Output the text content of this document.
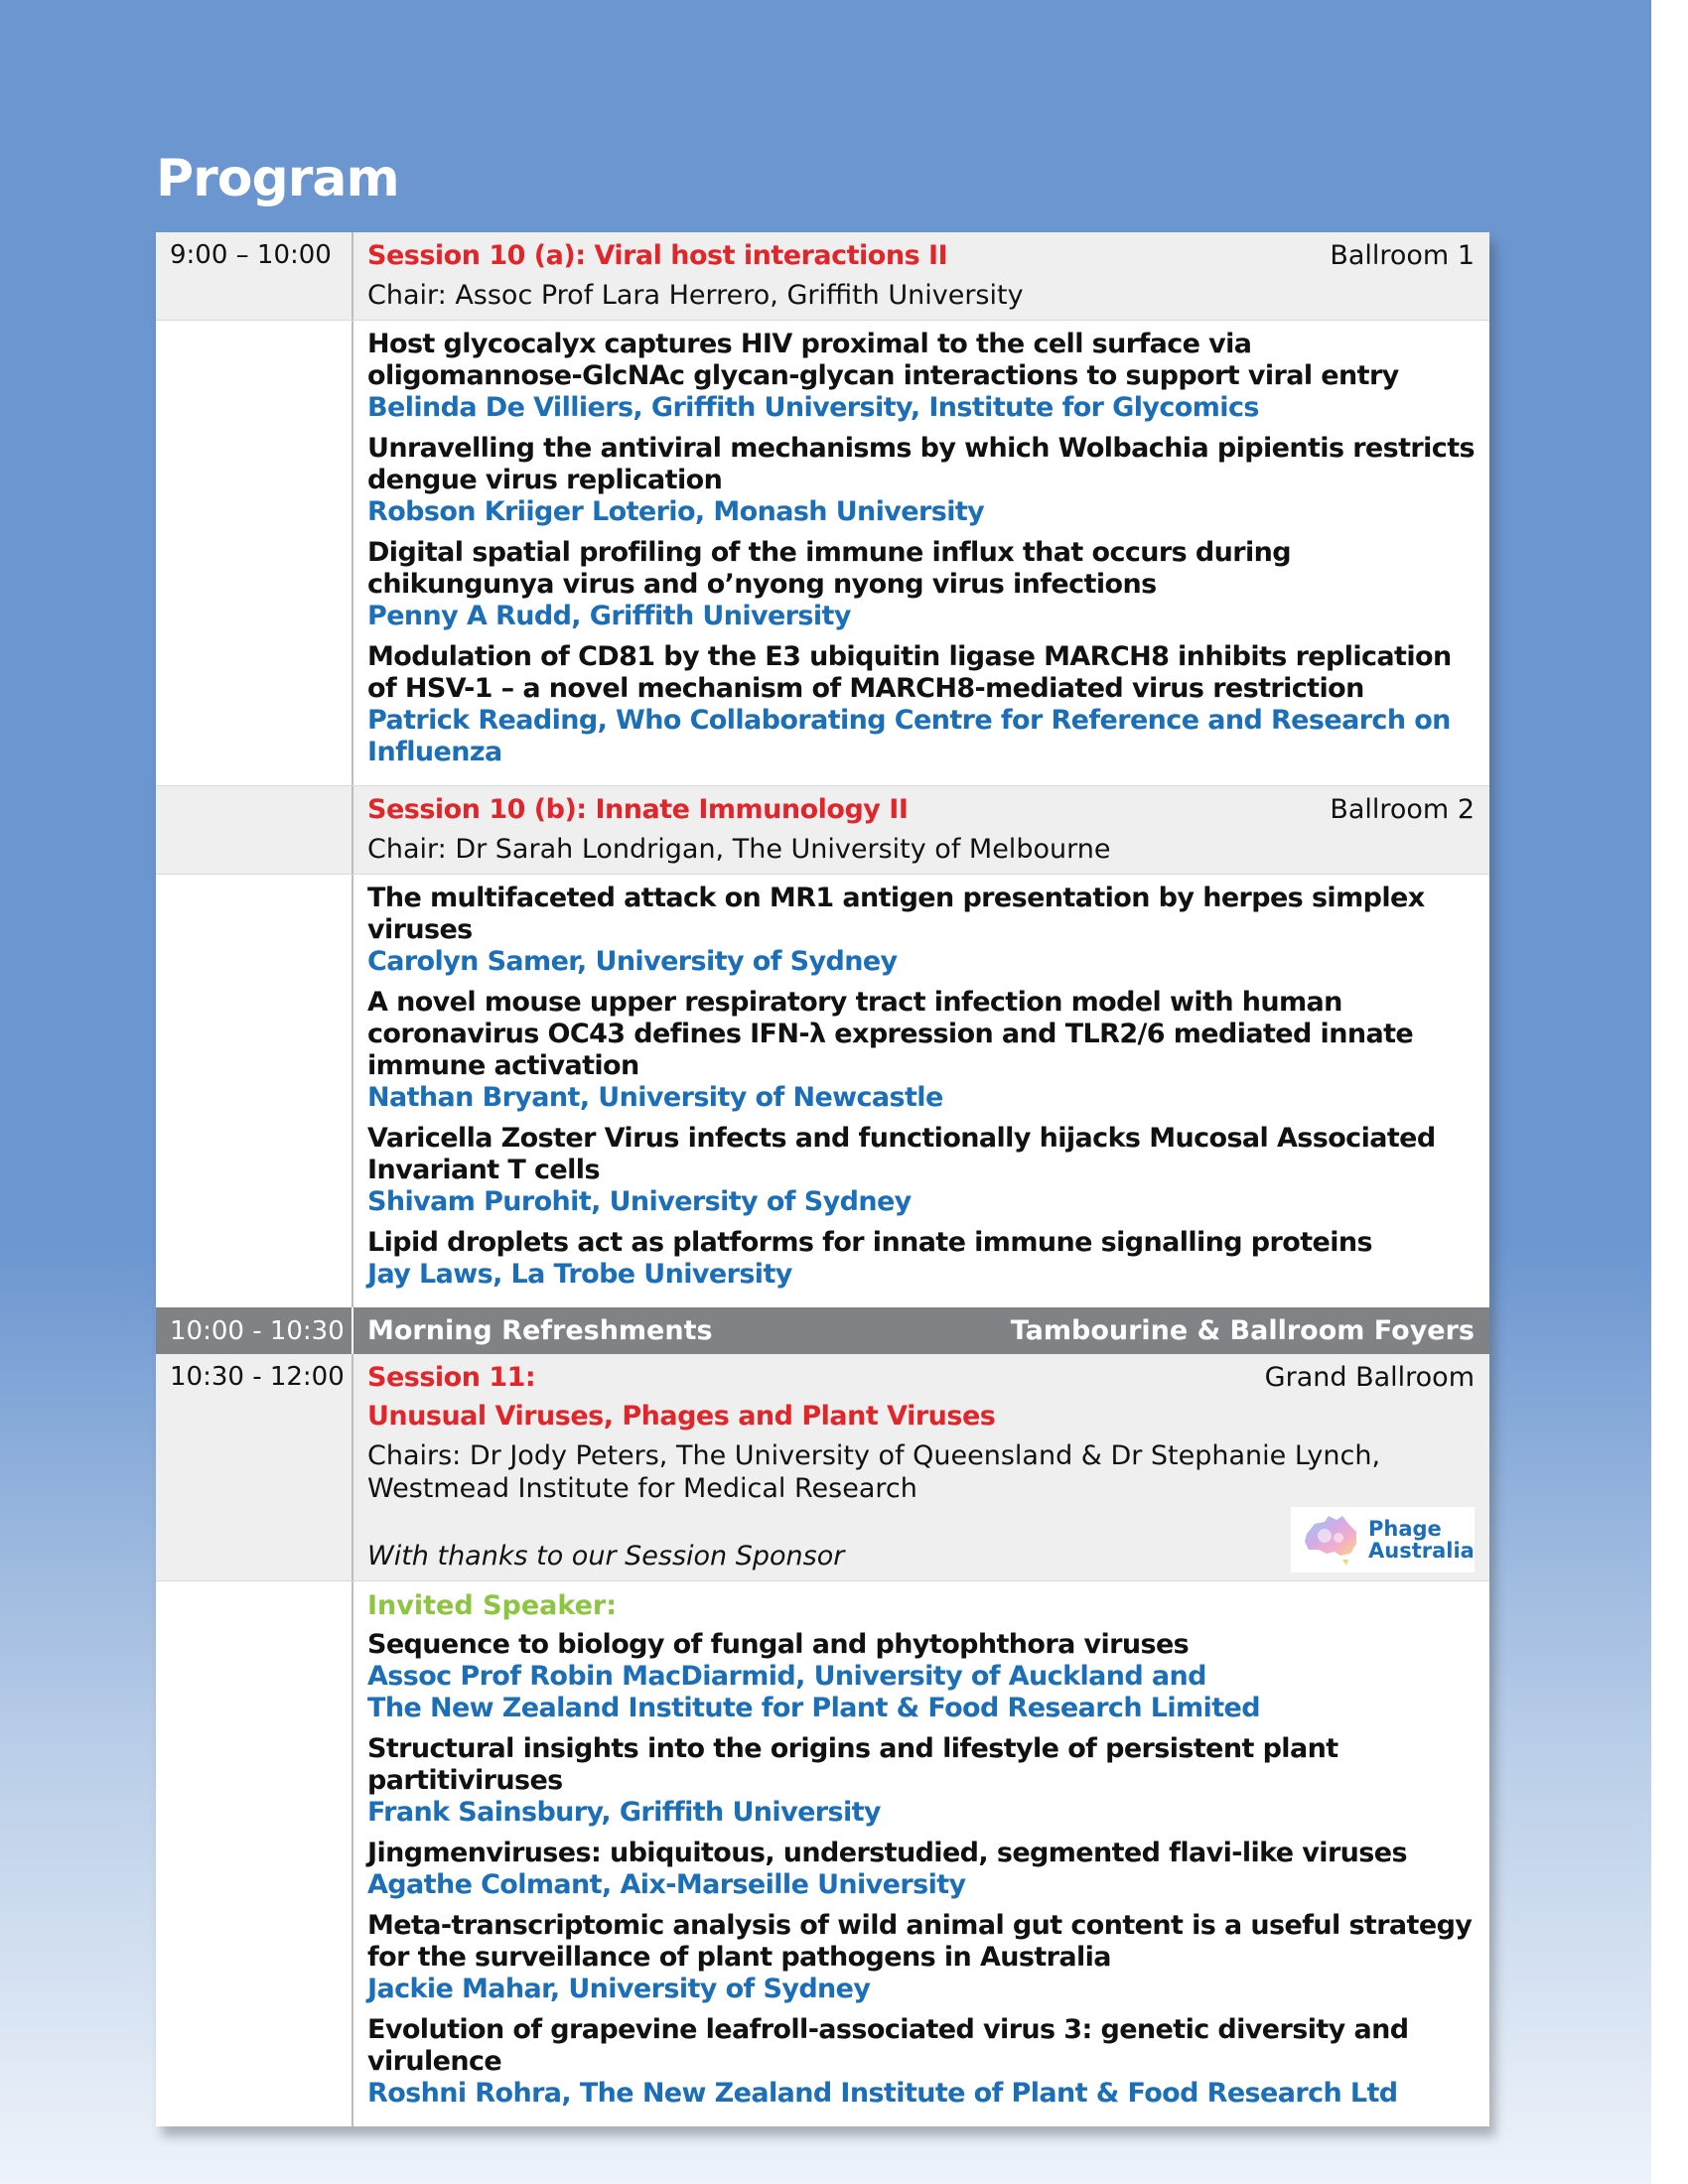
Program
9:00 – 10:00	Session 10 (a): Viral host interactions II	Ballroom 1
Chair: Assoc Prof Lara Herrero, Griffith University
Host glycocalyx captures HIV proximal to the cell surface via oligomannose-GlcNAc glycan-glycan interactions to support viral entry
Belinda De Villiers, Griffith University, Institute for Glycomics
Unravelling the antiviral mechanisms by which Wolbachia pipientis restricts dengue virus replication
Robson Kriiger Loterio, Monash University
Digital spatial profiling of the immune influx that occurs during chikungunya virus and o’nyong nyong virus infections
Penny A Rudd, Griffith University
Modulation of CD81 by the E3 ubiquitin ligase MARCH8 inhibits replication of HSV-1 – a novel mechanism of MARCH8-mediated virus restriction
Patrick Reading, Who Collaborating Centre for Reference and Research on Influenza
Session 10 (b): Innate Immunology II	Ballroom 2
Chair: Dr Sarah Londrigan, The University of Melbourne
The multifaceted attack on MR1 antigen presentation by herpes simplex viruses
Carolyn Samer, University of Sydney
A novel mouse upper respiratory tract infection model with human coronavirus OC43 defines IFN-λ expression and TLR2/6 mediated innate immune activation
Nathan Bryant, University of Newcastle
Varicella Zoster Virus infects and functionally hijacks Mucosal Associated Invariant T cells
Shivam Purohit, University of Sydney
Lipid droplets act as platforms for innate immune signalling proteins
Jay Laws, La Trobe University
10:00 - 10:30 Morning Refreshments	Tambourine & Ballroom Foyers
10:30 - 12:00 Session 11:	Grand Ballroom
Unusual Viruses, Phages and Plant Viruses
Chairs: Dr Jody Peters, The University of Queensland & Dr Stephanie Lynch, Westmead Institute for Medical Research
With thanks to our Session Sponsor
Phage
Australia
Invited Speaker:
Sequence to biology of fungal and phytophthora viruses
Assoc Prof Robin MacDiarmid, University of Auckland and The New Zealand Institute for Plant & Food Research Limited
Structural insights into the origins and lifestyle of persistent plant partitiviruses
Frank Sainsbury, Griffith University
Jingmenviruses: ubiquitous, understudied, segmented flavi-like viruses
Agathe Colmant, Aix-Marseille University
Meta-transcriptomic analysis of wild animal gut content is a useful strategy for the surveillance of plant pathogens in Australia
Jackie Mahar, University of Sydney
Evolution of grapevine leafroll-associated virus 3: genetic diversity and virulence
Roshni Rohra, The New Zealand Institute of Plant & Food Research Ltd
